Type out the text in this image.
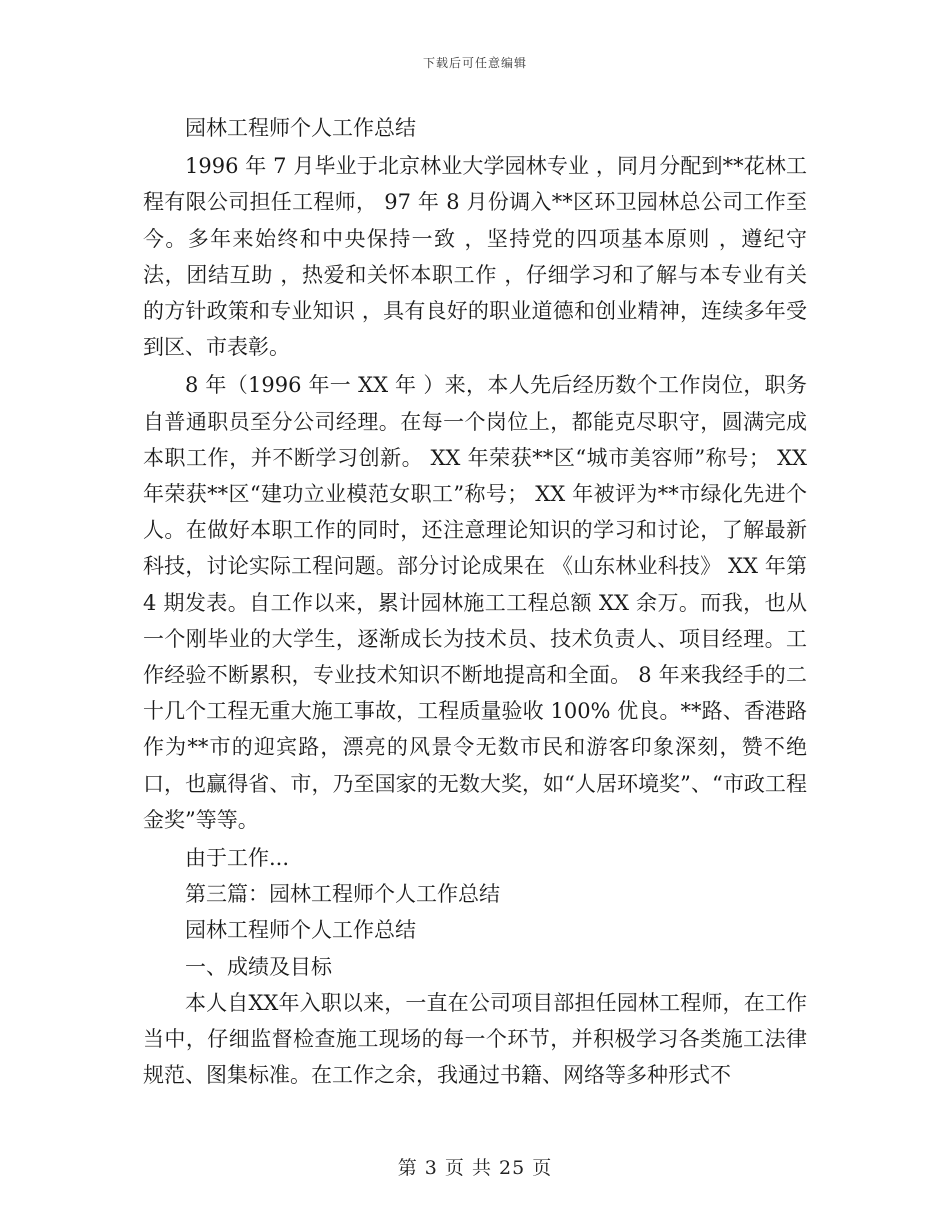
下载后可任意编辑

园林工程师个人工作总结

1996 年 7 月毕业于北京林业大学园林专业 ，同月分配到**花林工程有限公司担任工程师， 97 年 8 月份调入**区环卫园林总公司工作至今。多年来始终和中央保持一致 ，坚持党的四项基本原则 ，遵纪守法，团结互助 ，热爱和关怀本职工作 ，仔细学习和了解与本专业有关的方针政策和专业知识 ，具有良好的职业道德和创业精神，连续多年受到区、市表彰。

8 年（1996 年一 XX 年 ）来，本人先后经历数个工作岗位，职务自普通职员至分公司经理。在每一个岗位上，都能克尽职守，圆满完成本职工作，并不断学习创新。 XX 年荣获**区“城市美容师”称号； XX 年荣获**区“建功立业模范女职工”称号； XX 年被评为**市绿化先进个人。在做好本职工作的同时，还注意理论知识的学习和讨论，了解最新科技，讨论实际工程问题。部分讨论成果在 《山东林业科技》 XX 年第 4 期发表。自工作以来，累计园林施工工程总额 XX 余万。而我，也从一个刚毕业的大学生，逐渐成长为技术员、技术负责人、项目经理。工作经验不断累积，专业技术知识不断地提高和全面。 8 年来我经手的二十几个工程无重大施工事故，工程质量验收 100% 优良。**路、香港路作为**市的迎宾路，漂亮的风景令无数市民和游客印象深刻，赞不绝口，也赢得省、市，乃至国家的无数大奖，如“人居环境奖”、“市政工程金奖”等等。

由于工作...

第三篇：园林工程师个人工作总结

园林工程师个人工作总结

一、成绩及目标

本人自XX年入职以来，一直在公司项目部担任园林工程师，在工作当中，仔细监督检查施工现场的每一个环节，并积极学习各类施工法律规范、图集标准。在工作之余，我通过书籍、网络等多种形式不

第 3 页 共 25 页
